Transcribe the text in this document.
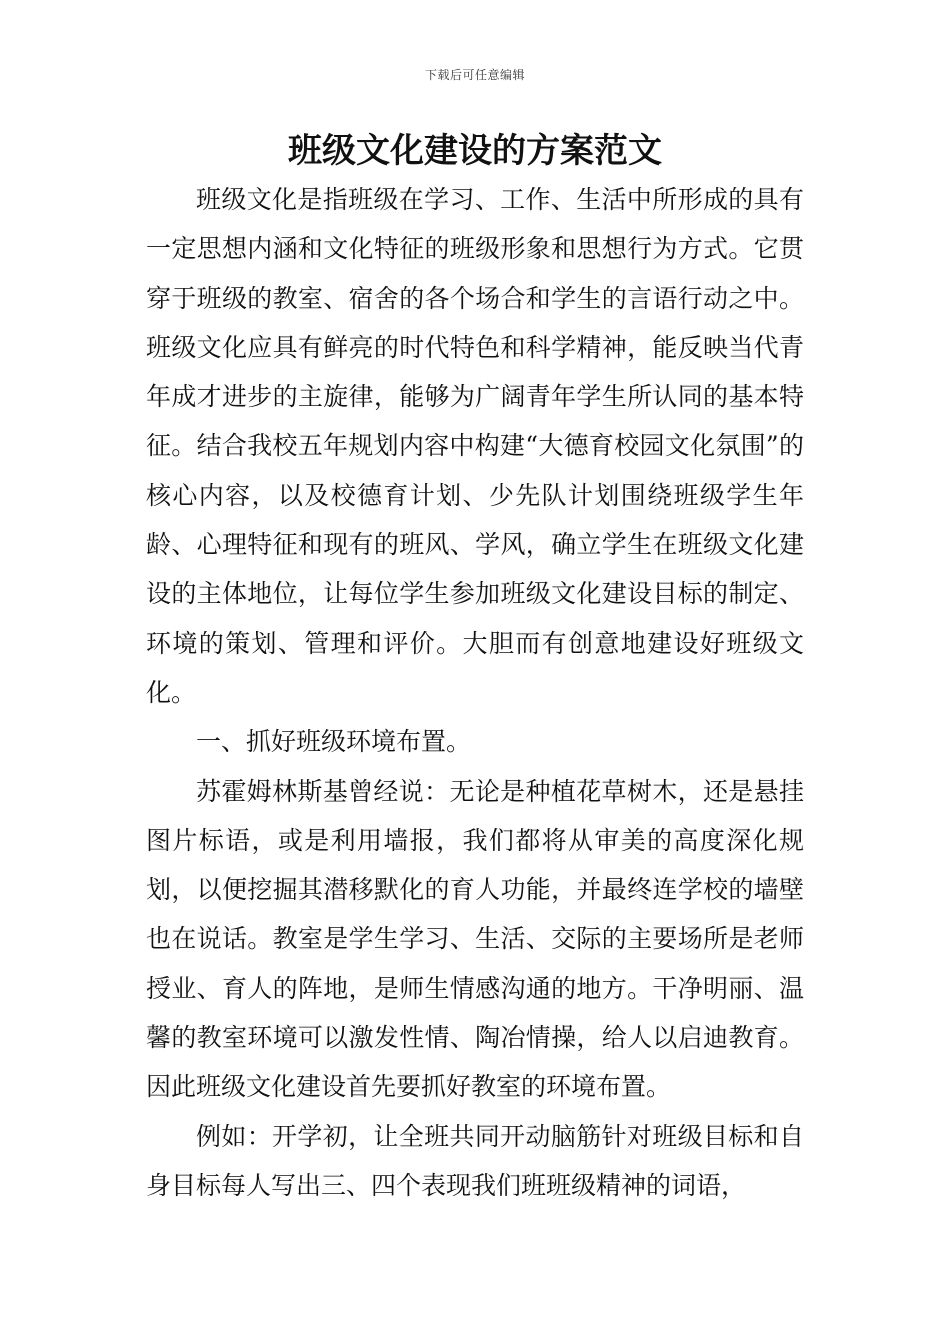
下载后可任意编辑
班级文化建设的方案范文

班级文化是指班级在学习、工作、生活中所形成的具有一定思想内涵和文化特征的班级形象和思想行为方式。它贯穿于班级的教室、宿舍的各个场合和学生的言语行动之中。班级文化应具有鲜亮的时代特色和科学精神，能反映当代青年成才进步的主旋律，能够为广阔青年学生所认同的基本特征。结合我校五年规划内容中构建“大德育校园文化氛围”的核心内容，以及校德育计划、少先队计划围绕班级学生年龄、心理特征和现有的班风、学风，确立学生在班级文化建设的主体地位，让每位学生参加班级文化建设目标的制定、环境的策划、管理和评价。大胆而有创意地建设好班级文化。

一、抓好班级环境布置。

苏霍姆林斯基曾经说：无论是种植花草树木，还是悬挂图片标语，或是利用墙报，我们都将从审美的高度深化规划，以便挖掘其潜移默化的育人功能，并最终连学校的墙壁也在说话。教室是学生学习、生活、交际的主要场所是老师授业、育人的阵地，是师生情感沟通的地方。干净明丽、温馨的教室环境可以激发性情、陶冶情操，给人以启迪教育。因此班级文化建设首先要抓好教室的环境布置。

例如：开学初，让全班共同开动脑筋针对班级目标和自身目标每人写出三、四个表现我们班班级精神的词语，
